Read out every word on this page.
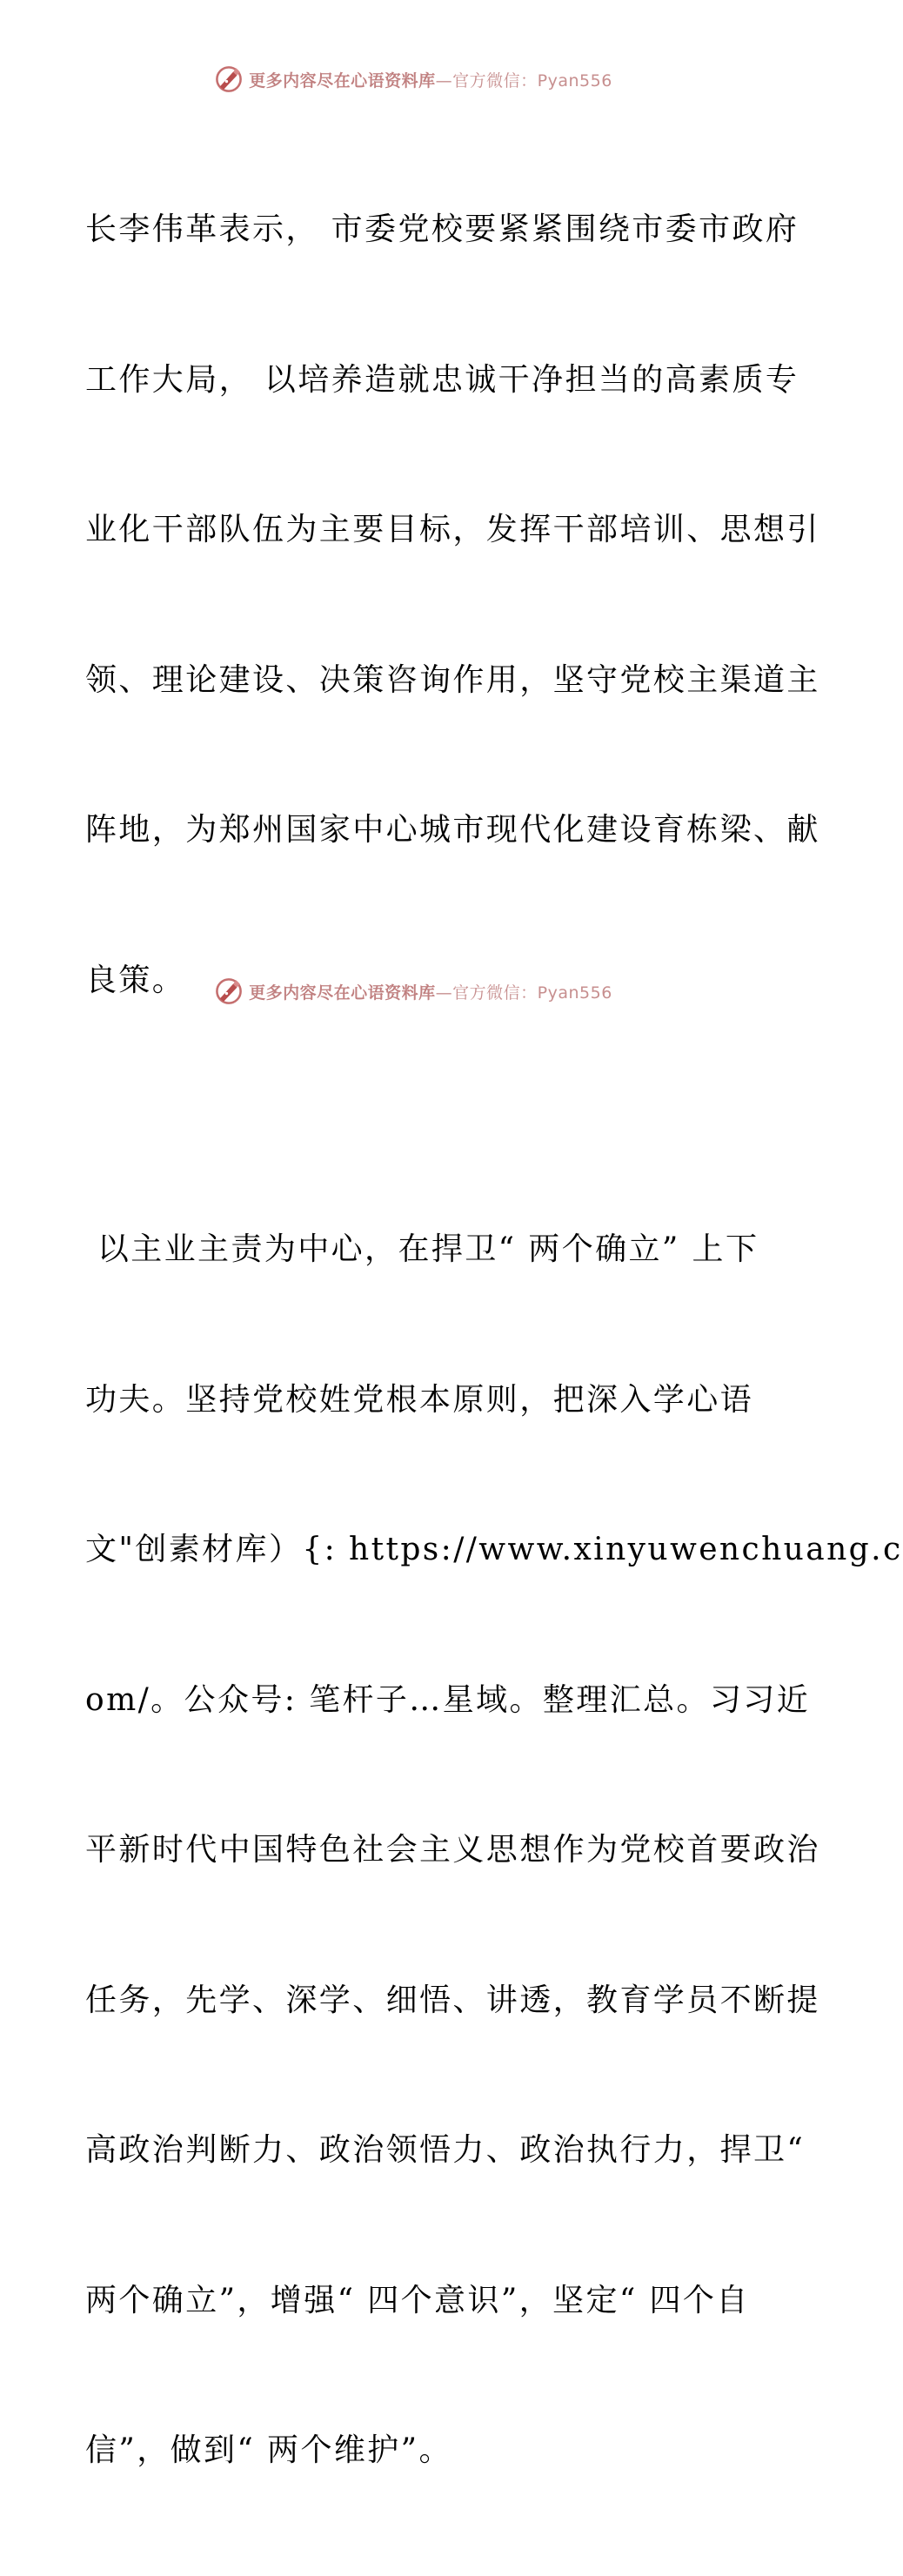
更多内容尽在心语资料库—官方微信：Pyan556

长李伟革表示， 市委党校要紧紧围绕市委市政府

工作大局， 以培养造就忠诚干净担当的高素质专

业化干部队伍为主要目标，发挥干部培训、思想引

领、理论建设、决策咨询作用，坚守党校主渠道主

阵地，为郑州国家中心城市现代化建设育栋梁、献

良策。

以主业主责为中心，在捍卫“ 两个确立” 上下

功夫。坚持党校姓党根本原则，把深入学心语

文"创素材库）{: https://www.xinyuwenchuang.c

om/。公众号: 笔杆子…星域。整理汇总。习习近

平新时代中国特色社会主义思想作为党校首要政治

任务，先学、深学、细悟、讲透，教育学员不断提

高政治判断力、政治领悟力、政治执行力，捍卫“

两个确立”，增强“ 四个意识”，坚定“ 四个自

信”，做到“ 两个维护”。

更多内容尽在心语资料库—官方微信：Pyan556
